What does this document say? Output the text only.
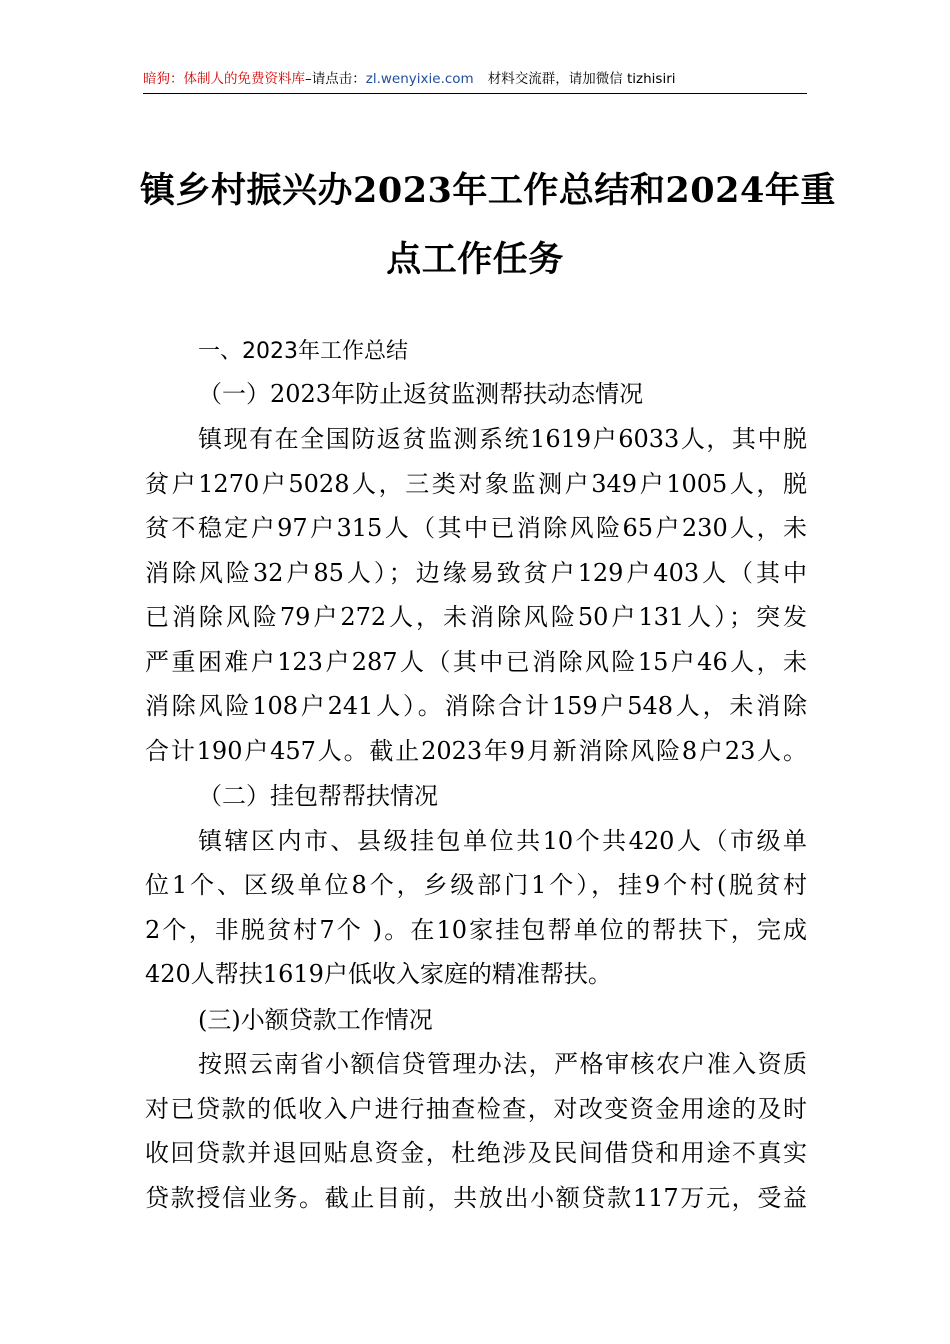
暗狗：体制人的免费资料库–请点击：zl.wenyixie.com 材料交流群，请加微信 tizhisiri
镇乡村振兴办2023年工作总结和2024年重
点工作任务
一、2023年工作总结
（一）2023年防止返贫监测帮扶动态情况
镇现有在全国防返贫监测系统1619户6033人，其中脱
贫户1270户5028人，三类对象监测户349户1005人，脱
贫不稳定户97户315人（其中已消除风险65户230人，未
消除风险32户85人）；边缘易致贫户129户403人（其中
已消除风险79户272人，未消除风险50户131人）；突发
严重困难户123户287人（其中已消除风险15户46人，未
消除风险108户241人）。消除合计159户548人，未消除
合计190户457人。截止2023年9月新消除风险8户23人。
（二）挂包帮帮扶情况
镇辖区内市、县级挂包单位共10个共420人（市级单
位1个、区级单位8个，乡级部门1个），挂9个村(脱贫村
2个，非脱贫村7个 )。在10家挂包帮单位的帮扶下，完成
420人帮扶1619户低收入家庭的精准帮扶。
(三)小额贷款工作情况
按照云南省小额信贷管理办法，严格审核农户准入资质
对已贷款的低收入户进行抽查检查，对改变资金用途的及时
收回贷款并退回贴息资金，杜绝涉及民间借贷和用途不真实
贷款授信业务。截止目前，共放出小额贷款117万元，受益
